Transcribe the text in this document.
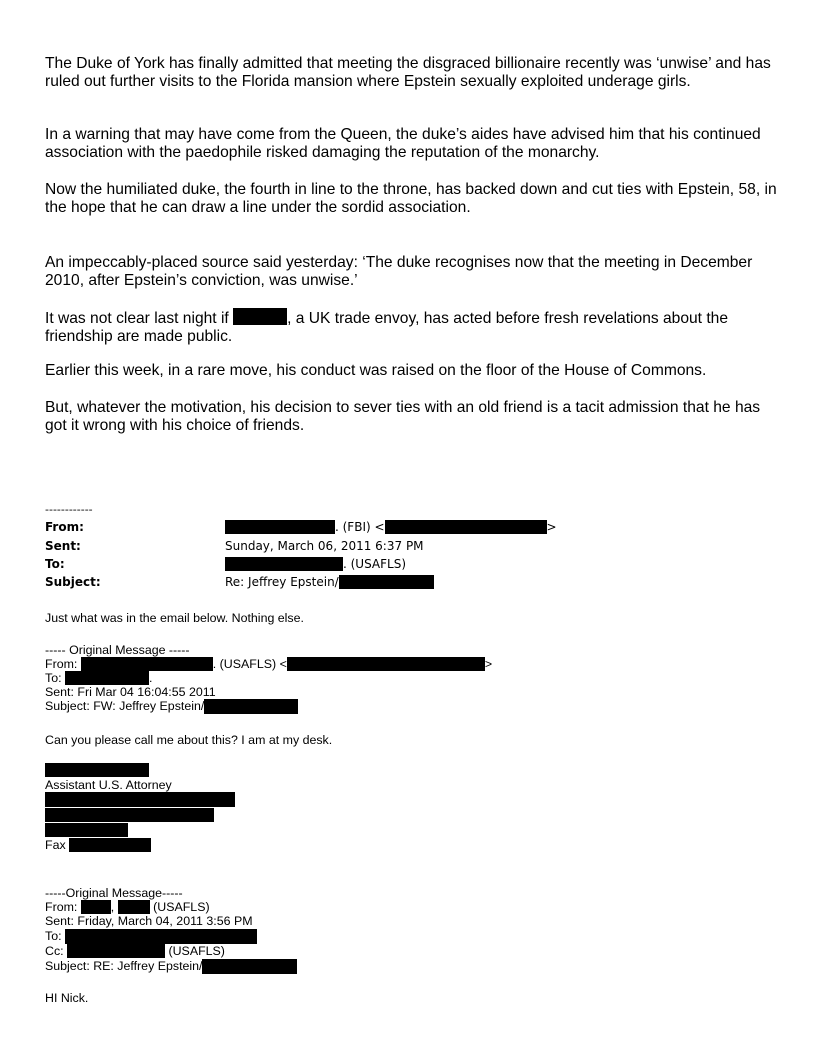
The Duke of York has finally admitted that meeting the disgraced billionaire recently was ‘unwise’ and has ruled out further visits to the Florida mansion where Epstein sexually exploited underage girls.

In a warning that may have come from the Queen, the duke’s aides have advised him that his continued association with the paedophile risked damaging the reputation of the monarchy.

Now the humiliated duke, the fourth in line to the throne, has backed down and cut ties with Epstein, 58, in the hope that he can draw a line under the sordid association.

An impeccably-placed source said yesterday: ‘The duke recognises now that the meeting in December 2010, after Epstein’s conviction, was unwise.’

It was not clear last night if	, a UK trade envoy, has acted before fresh revelations about the friendship are made public.

Earlier this week, in a rare move, his conduct was raised on the floor of the House of Commons.

But, whatever the motivation, his decision to sever ties with an old friend is a tacit admission that he has got it wrong with his choice of friends.

------------
From:	. (FBI) <	>
Sent:	Sunday, March 06, 2011 6:37 PM
To:	. (USAFLS)
Subject:	Re: Jeffrey Epstein/
Just what was in the email below. Nothing else.
----- Original Message -----
From:	. (USAFLS) <	>
To:	.
Sent: Fri Mar 04 16:04:55 2011
Subject: FW: Jeffrey Epstein/
Can you please call me about this? I am at my desk.
Assistant U.S. Attorney
Fax
-----Original Message-----
From: ,	(USAFLS)
Sent: Friday, March 04, 2011 3:56 PM
To:
Cc:	(USAFLS)
Subject: RE: Jeffrey Epstein/
HI Nick.
